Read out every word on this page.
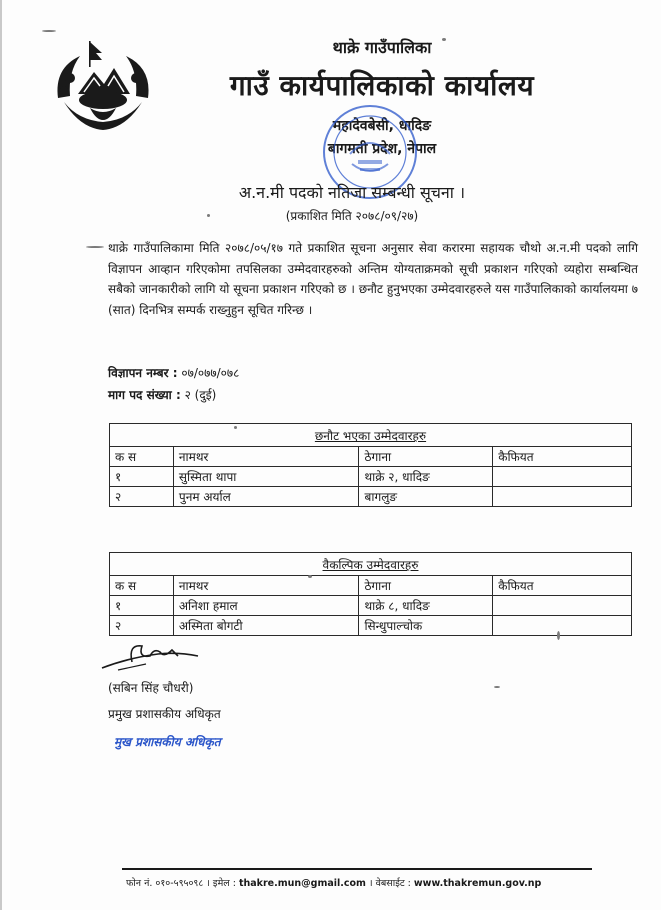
थाक्रे गाउँपालिका
गाउँ कार्यपालिकाको कार्यालय
महादेवबेसी, धादिङ
बागमती प्रदेश, नेपाल
अ.न.मी पदको नतिजा सम्बन्धी सूचना ।
(प्रकाशित मिति २०७८/०९/२७)

थाक्रे गाउँपालिकामा मिति २०७८/०५/१७ गते प्रकाशित सूचना अनुसार सेवा करारमा सहायक चौथो अ.न.मी पदको लागि विज्ञापन आव्हान गरिएकोमा तपसिलका उम्मेदवारहरुको अन्तिम योग्यताक्रमको सूची प्रकाशन गरिएको व्यहोरा सम्बन्धित सबैको जानकारीको लागि यो सूचना प्रकाशन गरिएको छ । छनौट हुनुभएका उम्मेदवारहरुले यस गाउँपालिकाको कार्यालयमा ७ (सात) दिनभित्र सम्पर्क राख्नुहुन सूचित गरिन्छ ।

विज्ञापन नम्बर : ०७/०७७/०७८
माग पद संख्या : २ (दुई)
छनौट भएका उम्मेदवारहरु
क स	नामथर	ठेगाना	कैफियत
१	सुस्मिता थापा	थाक्रे २, धादिङ	
२	पुनम अर्याल	बागलुङ	
वैकल्पिक उम्मेदवारहरु
क स	नामथर	ठेगाना	कैफियत
१	अनिशा हमाल	थाक्रे ८, धादिङ	
२	अस्मिता बोगटी	सिन्धुपाल्चोक	
(सबिन सिंह चौधरी)
प्रमुख प्रशासकीय अधिकृत
मुख प्रशासकीय अधिकृत
फोन नं. ०१०-५९५०९८ । इमेल : thakre.mun@gmail.com । वेबसाईट : www.thakremun.gov.np
